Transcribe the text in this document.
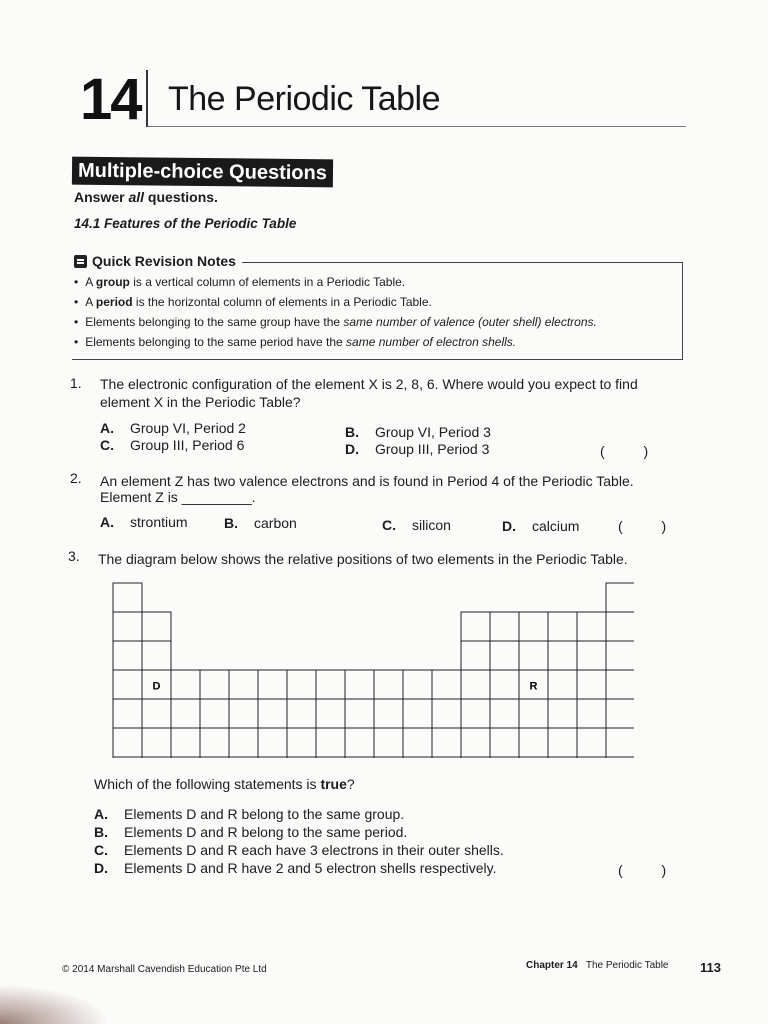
14 The Periodic Table
Multiple-choice Questions
Answer all questions.
14.1 Features of the Periodic Table
Quick Revision Notes
• A group is a vertical column of elements in a Periodic Table.
• A period is the horizontal column of elements in a Periodic Table.
• Elements belonging to the same group have the same number of valence (outer shell) electrons.
• Elements belonging to the same period have the same number of electron shells.
1. The electronic configuration of the element X is 2, 8, 6. Where would you expect to find
element X in the Periodic Table?
A. Group VI, Period 2	B. Group VI, Period 3
C. Group III, Period 6	D. Group III, Period 3	(          )
2. An element Z has two valence electrons and is found in Period 4 of the Periodic Table.
Element Z is _________.
A. strontium	B. carbon	C. silicon	D. calcium	(          )
3. The diagram below shows the relative positions of two elements in the Periodic Table.
D	R
Which of the following statements is true?
A. Elements D and R belong to the same group.
B. Elements D and R belong to the same period.
C. Elements D and R each have 3 electrons in their outer shells.
D. Elements D and R have 2 and 5 electron shells respectively.	(          )
© 2014 Marshall Cavendish Education Pte Ltd	Chapter 14 The Periodic Table 113
